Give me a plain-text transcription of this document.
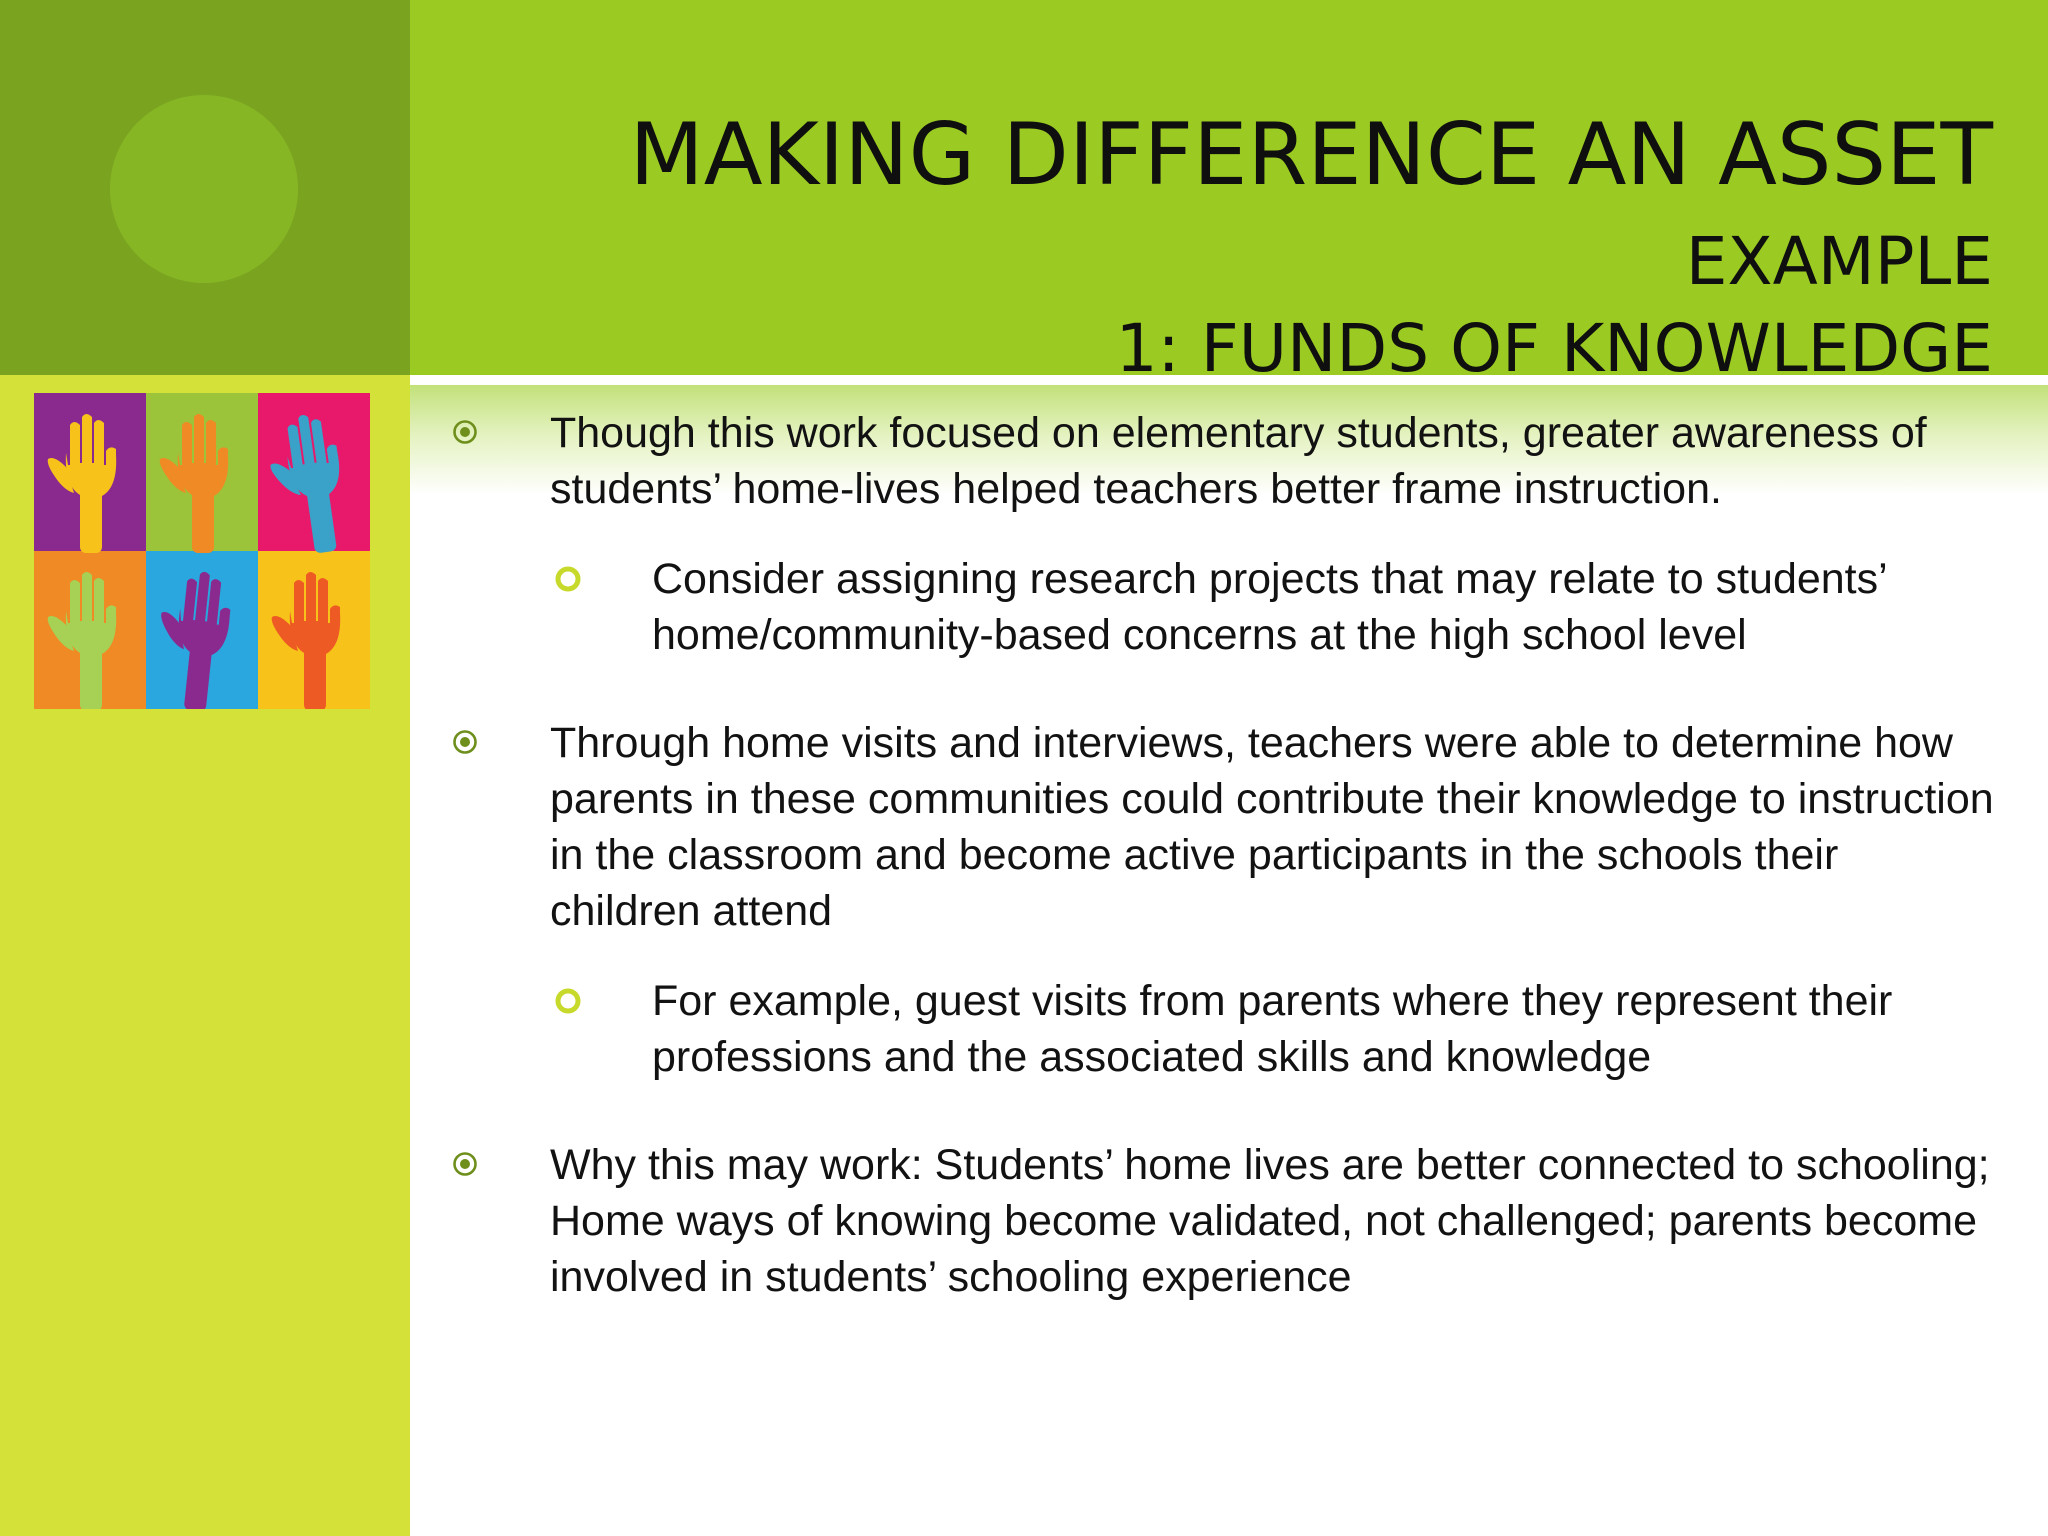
MAKING DIFFERENCE AN ASSET EXAMPLE
1: FUNDS OF KNOWLEDGE
Though this work focused on elementary students, greater awareness of students’ home-lives helped teachers better frame instruction.
Consider assigning research projects that may relate to students’ home/community-based concerns at the high school level
Through home visits and interviews, teachers were able to determine how parents in these communities could contribute their knowledge to instruction in the classroom and become active participants in the schools their children attend
For example, guest visits from parents where they represent their professions and the associated skills and knowledge
Why this may work: Students’ home lives are better connected to schooling; Home ways of knowing become validated, not challenged; parents become involved in students’ schooling experience
